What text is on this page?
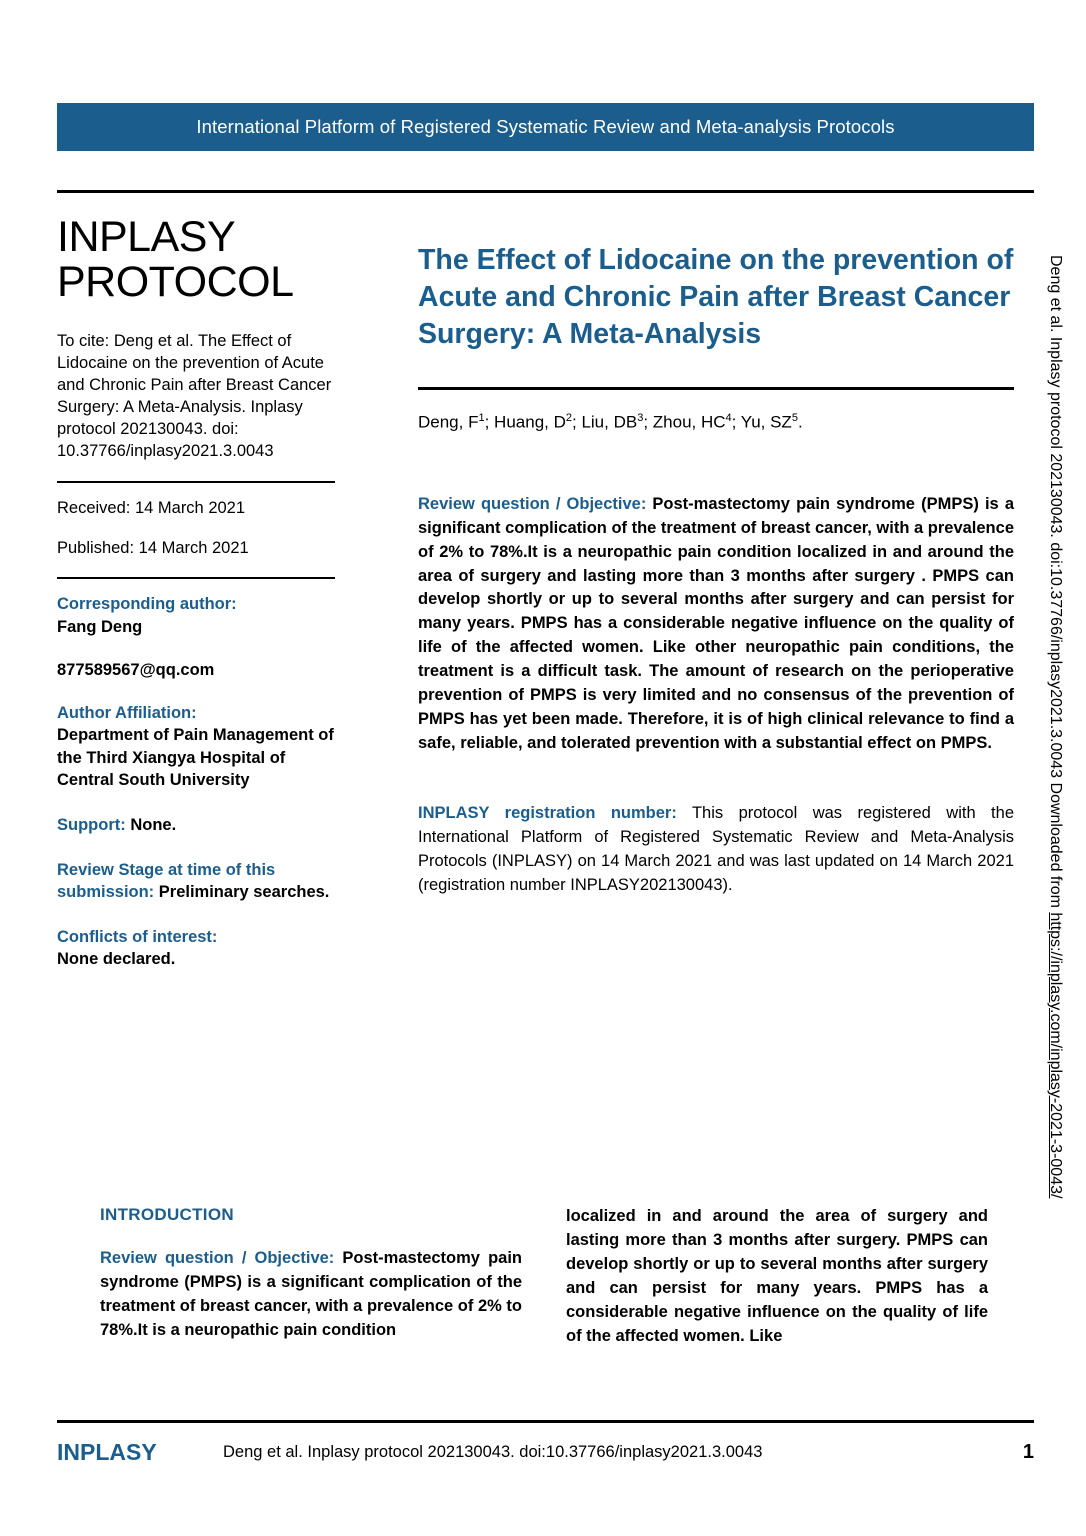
International Platform of Registered Systematic Review and Meta-analysis Protocols
INPLASY
PROTOCOL

To cite: Deng et al. The Effect of Lidocaine on the prevention of Acute and Chronic Pain after Breast Cancer Surgery: A Meta-Analysis. Inplasy protocol 202130043. doi: 10.37766/inplasy2021.3.0043

Received: 14 March 2021

Published: 14 March 2021

Corresponding author:
Fang Deng

877589567@qq.com

Author Affiliation:
Department of Pain Management of the Third Xiangya Hospital of Central South University

Support: None.

Review Stage at time of this submission: Preliminary searches.

Conflicts of interest:
None declared.

The Effect of Lidocaine on the prevention of Acute and Chronic Pain after Breast Cancer Surgery: A Meta-Analysis

Deng, $F^1$; Huang, $D^2$; Liu, $DB^3$; Zhou, $HC^4$; Yu, $SZ^5$.

Review question / Objective: Post-mastectomy pain syndrome (PMPS) is a significant complication of the treatment of breast cancer, with a prevalence of 2% to 78%.It is a neuropathic pain condition localized in and around the area of surgery and lasting more than 3 months after surgery . PMPS can develop shortly or up to several months after surgery and can persist for many years. PMPS has a considerable negative influence on the quality of life of the affected women. Like other neuropathic pain conditions, the treatment is a difficult task. The amount of research on the perioperative prevention of PMPS is very limited and no consensus of the prevention of PMPS has yet been made. Therefore, it is of high clinical relevance to find a safe, reliable, and tolerated prevention with a substantial effect on PMPS.

INPLASY registration number: This protocol was registered with the International Platform of Registered Systematic Review and Meta-Analysis Protocols (INPLASY) on 14 March 2021 and was last updated on 14 March 2021 (registration number INPLASY202130043).

INTRODUCTION

Review question / Objective: Post-mastectomy pain syndrome (PMPS) is a significant complication of the treatment of breast cancer, with a prevalence of 2% to 78%.It is a neuropathic pain condition

localized in and around the area of surgery and lasting more than 3 months after surgery. PMPS can develop shortly or up to several months after surgery and can persist for many years. PMPS has a considerable negative influence on the quality of life of the affected women. Like

INPLASY	Deng et al. Inplasy protocol 202130043. doi:10.37766/inplasy2021.3.0043	1
Deng et al. Inplasy protocol 202130043. doi:10.37766/inplasy2021.3.0043 Downloaded from https://inplasy.com/inplasy-2021-3-0043/
